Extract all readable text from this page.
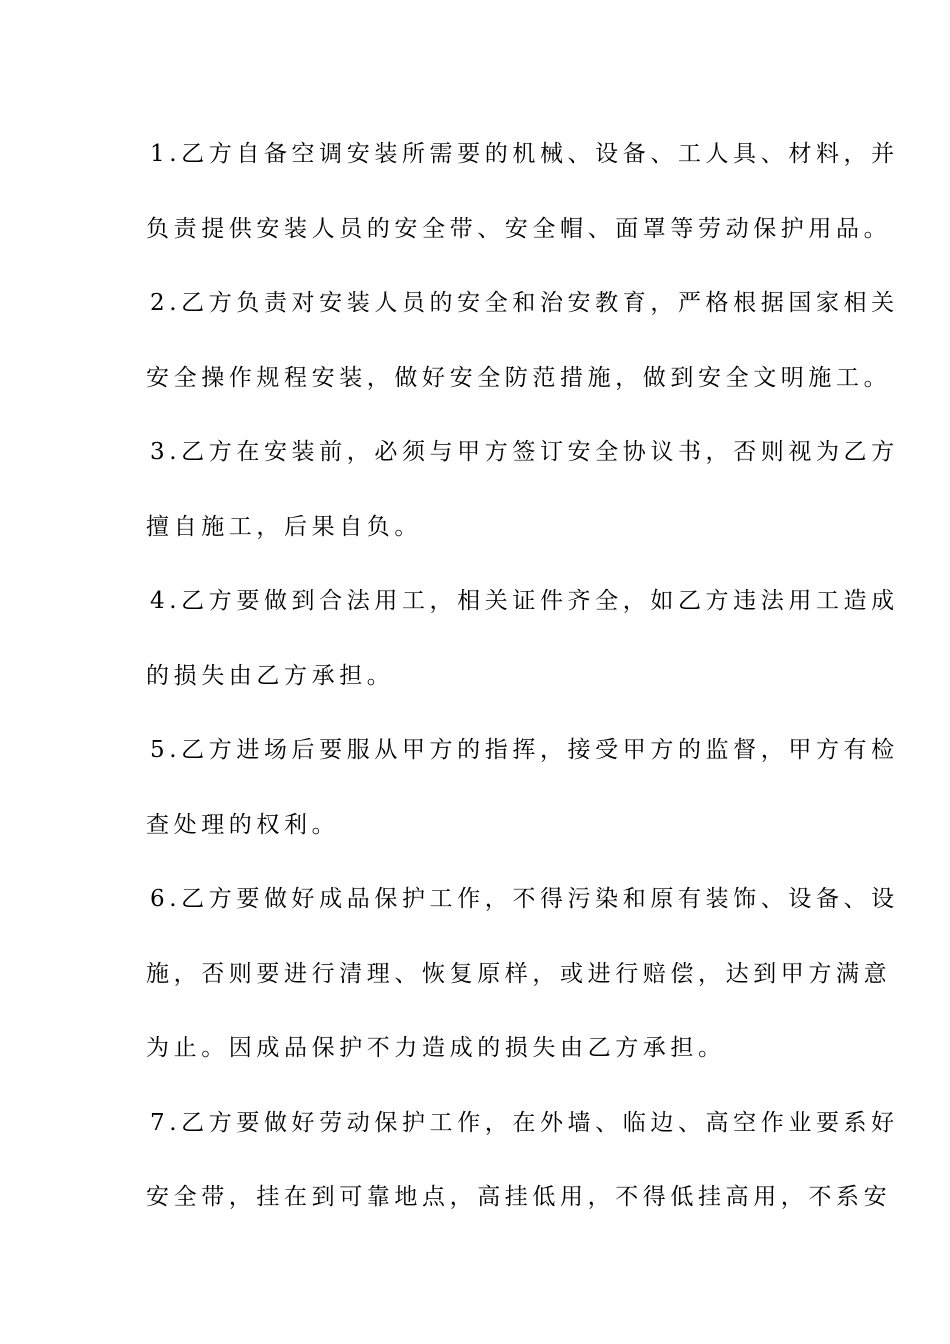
1.乙方自备空调安装所需要的机械、设备、工人具、材料，并
负责提供安装人员的安全带、安全帽、面罩等劳动保护用品。
2.乙方负责对安装人员的安全和治安教育，严格根据国家相关
安全操作规程安装，做好安全防范措施，做到安全文明施工。
3.乙方在安装前，必须与甲方签订安全协议书，否则视为乙方
擅自施工，后果自负。
4.乙方要做到合法用工，相关证件齐全，如乙方违法用工造成
的损失由乙方承担。
5.乙方进场后要服从甲方的指挥，接受甲方的监督，甲方有检
查处理的权利。
6.乙方要做好成品保护工作，不得污染和原有装饰、设备、设
施，否则要进行清理、恢复原样，或进行赔偿，达到甲方满意
为止。因成品保护不力造成的损失由乙方承担。
7.乙方要做好劳动保护工作，在外墙、临边、高空作业要系好
安全带，挂在到可靠地点，高挂低用，不得低挂高用，不系安
